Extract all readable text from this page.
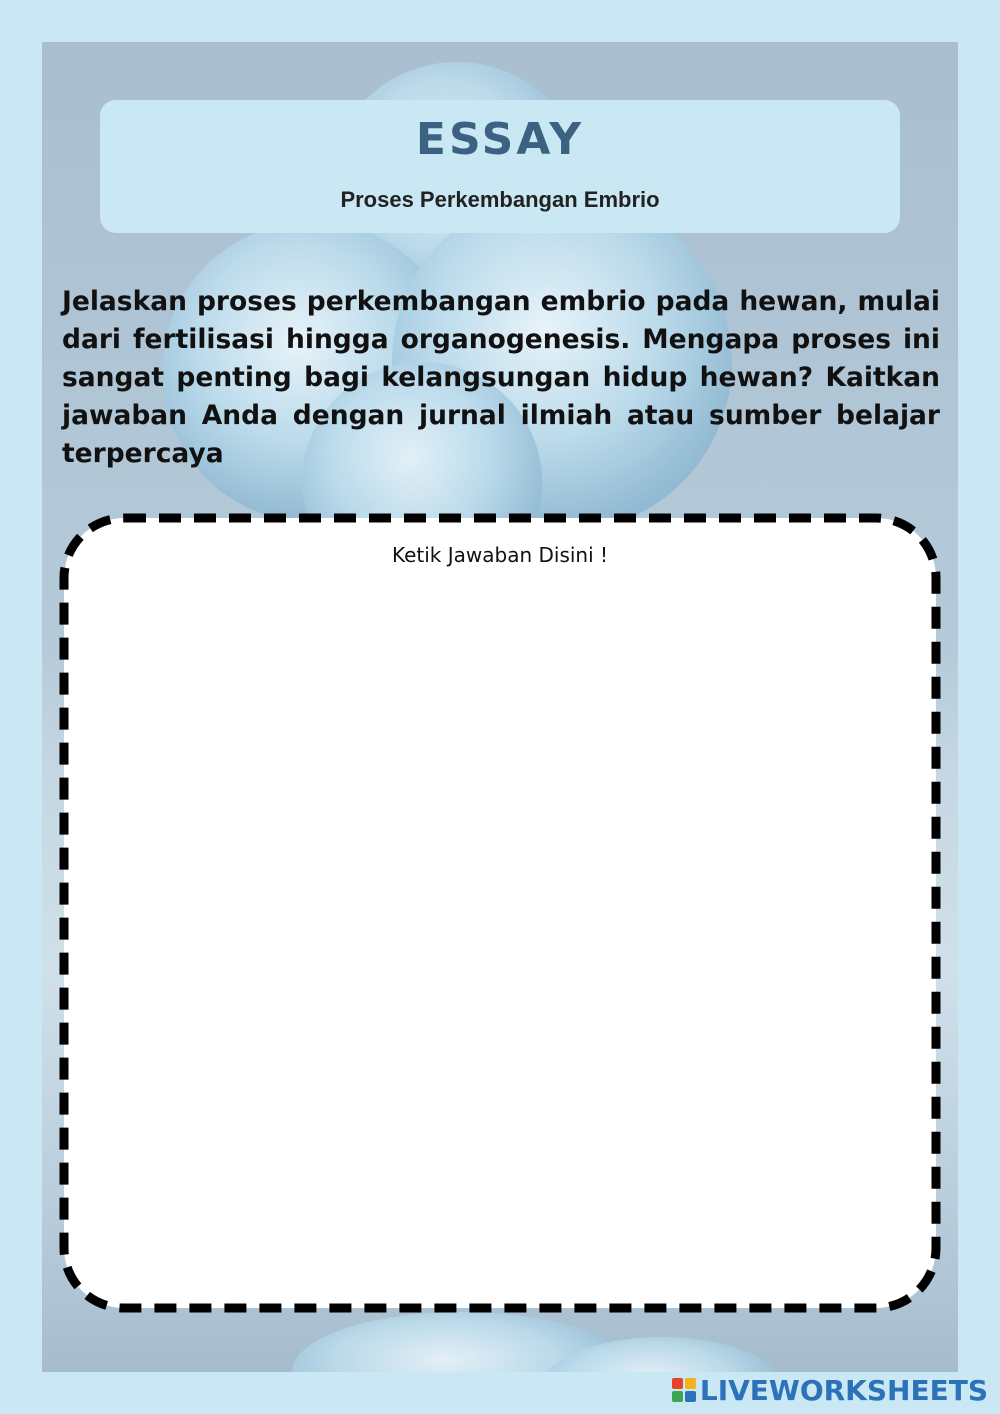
ESSAY
Proses Perkembangan Embrio

Jelaskan proses perkembangan embrio pada hewan, mulai dari fertilisasi hingga organogenesis. Mengapa proses ini sangat penting bagi kelangsungan hidup hewan? Kaitkan jawaban Anda dengan jurnal ilmiah atau sumber belajar terpercaya

Ketik Jawaban Disini !
LIVEWORKSHEETS
